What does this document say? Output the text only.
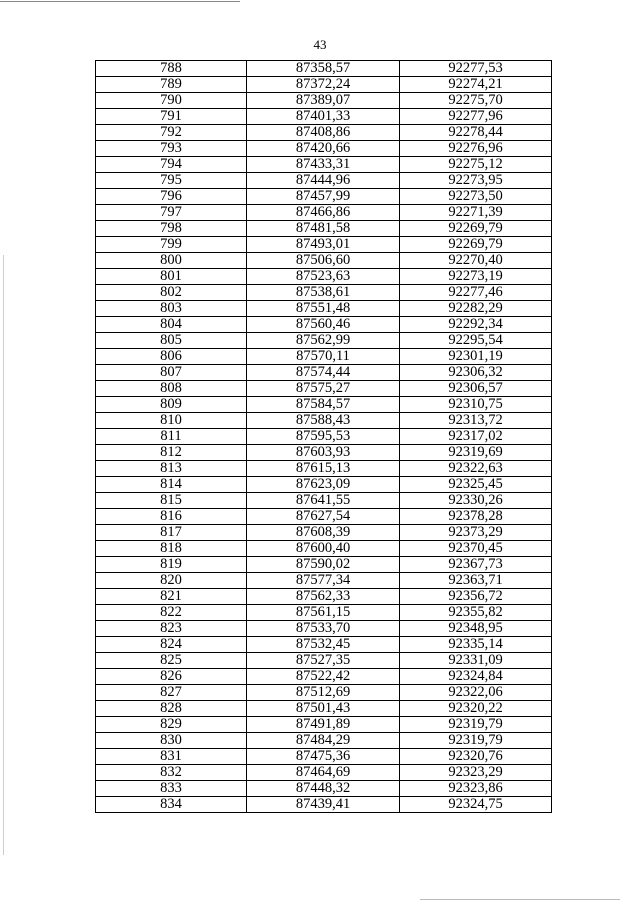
43
788	87358,57	92277,53
789	87372,24	92274,21
790	87389,07	92275,70
791	87401,33	92277,96
792	87408,86	92278,44
793	87420,66	92276,96
794	87433,31	92275,12
795	87444,96	92273,95
796	87457,99	92273,50
797	87466,86	92271,39
798	87481,58	92269,79
799	87493,01	92269,79
800	87506,60	92270,40
801	87523,63	92273,19
802	87538,61	92277,46
803	87551,48	92282,29
804	87560,46	92292,34
805	87562,99	92295,54
806	87570,11	92301,19
807	87574,44	92306,32
808	87575,27	92306,57
809	87584,57	92310,75
810	87588,43	92313,72
811	87595,53	92317,02
812	87603,93	92319,69
813	87615,13	92322,63
814	87623,09	92325,45
815	87641,55	92330,26
816	87627,54	92378,28
817	87608,39	92373,29
818	87600,40	92370,45
819	87590,02	92367,73
820	87577,34	92363,71
821	87562,33	92356,72
822	87561,15	92355,82
823	87533,70	92348,95
824	87532,45	92335,14
825	87527,35	92331,09
826	87522,42	92324,84
827	87512,69	92322,06
828	87501,43	92320,22
829	87491,89	92319,79
830	87484,29	92319,79
831	87475,36	92320,76
832	87464,69	92323,29
833	87448,32	92323,86
834	87439,41	92324,75
